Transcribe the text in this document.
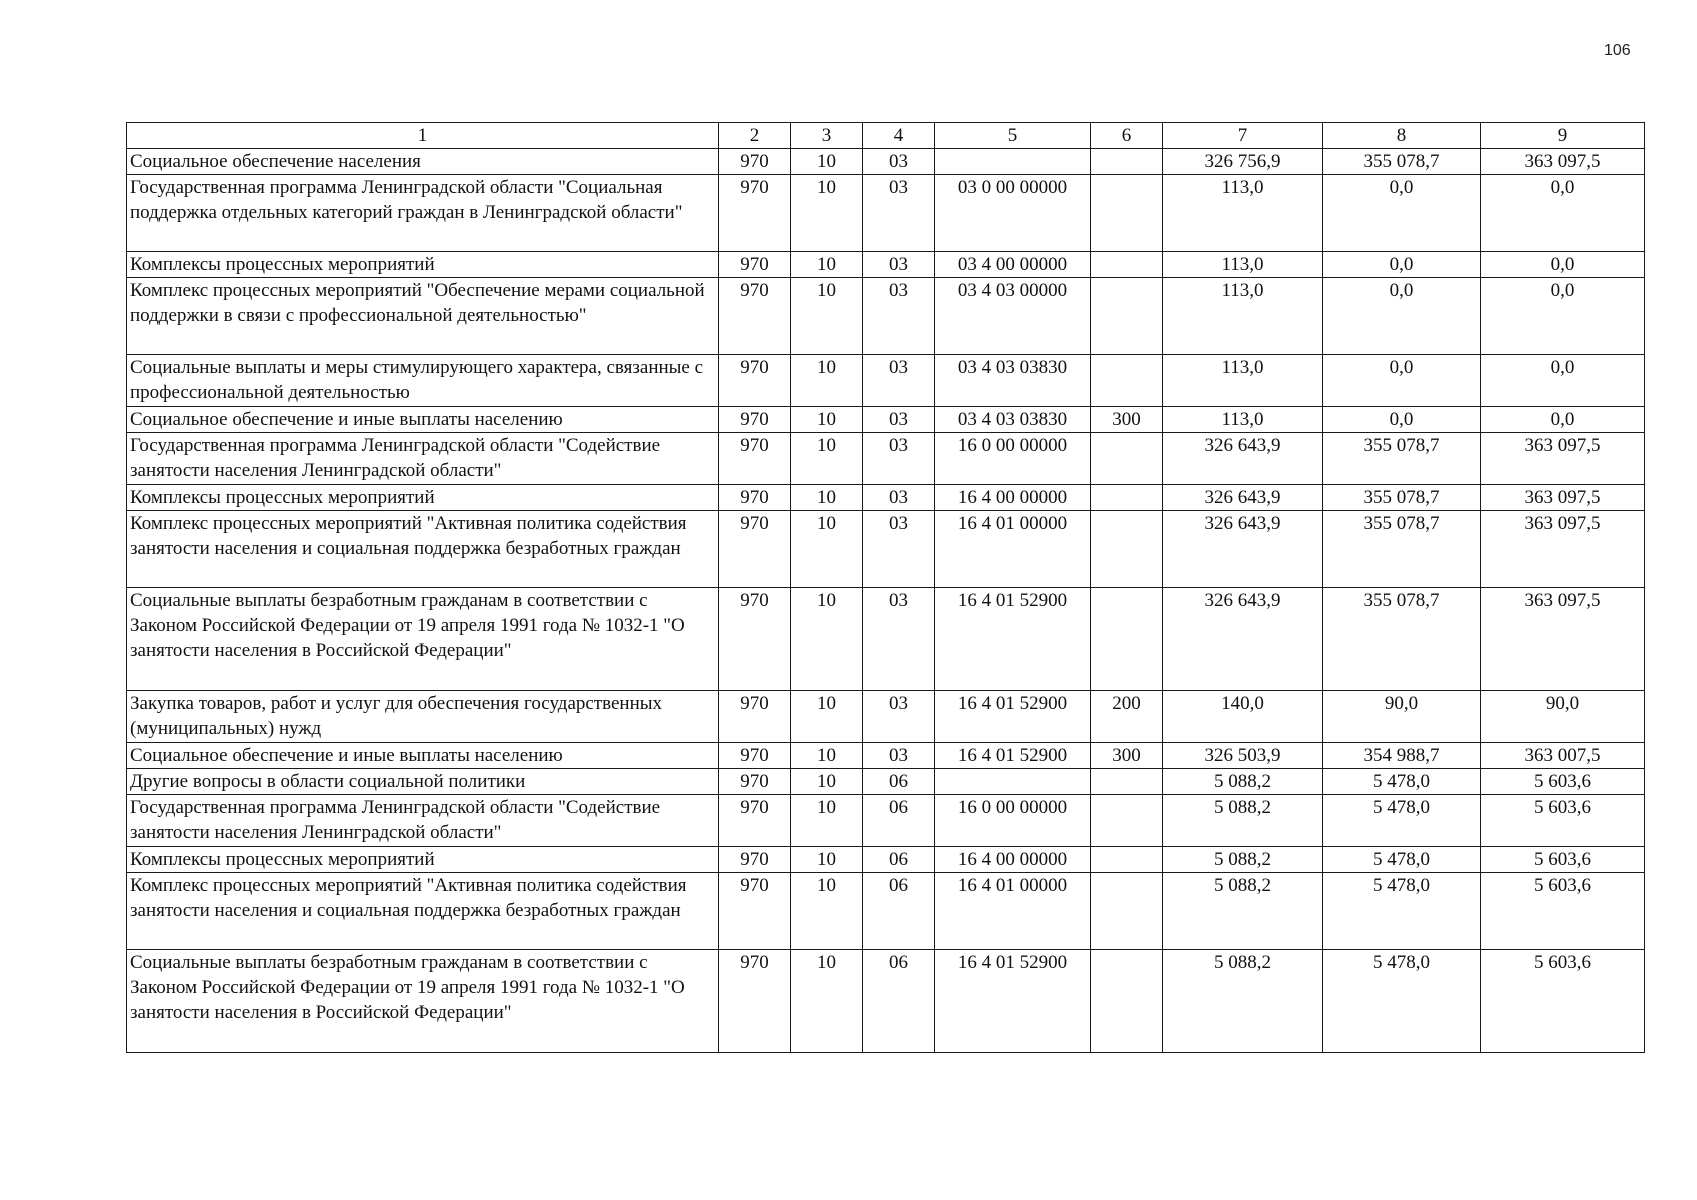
106
1	2	3	4	5	6	7	8	9
Социальное обеспечение населения	970	10	03			326 756,9	355 078,7	363 097,5
Государственная программа Ленинградской области "Социальная поддержка отдельных категорий граждан в Ленинградской области"	970	10	03	03 0 00 00000		113,0	0,0	0,0
Комплексы процессных мероприятий	970	10	03	03 4 00 00000		113,0	0,0	0,0
Комплекс процессных мероприятий "Обеспечение мерами социальной поддержки в связи с профессиональной деятельностью"	970	10	03	03 4 03 00000		113,0	0,0	0,0
Социальные выплаты и меры стимулирующего характера, связанные с профессиональной деятельностью	970	10	03	03 4 03 03830		113,0	0,0	0,0
Социальное обеспечение и иные выплаты населению	970	10	03	03 4 03 03830	300	113,0	0,0	0,0
Государственная программа Ленинградской области "Содействие занятости населения Ленинградской области"	970	10	03	16 0 00 00000		326 643,9	355 078,7	363 097,5
Комплексы процессных мероприятий	970	10	03	16 4 00 00000		326 643,9	355 078,7	363 097,5
Комплекс процессных мероприятий "Активная политика содействия занятости населения и социальная поддержка безработных граждан	970	10	03	16 4 01 00000		326 643,9	355 078,7	363 097,5
Социальные выплаты безработным гражданам в соответствии с Законом Российской Федерации от 19 апреля 1991 года № 1032-1 "О занятости населения в Российской Федерации"	970	10	03	16 4 01 52900		326 643,9	355 078,7	363 097,5
Закупка товаров, работ и услуг для обеспечения государственных (муниципальных) нужд	970	10	03	16 4 01 52900	200	140,0	90,0	90,0
Социальное обеспечение и иные выплаты населению	970	10	03	16 4 01 52900	300	326 503,9	354 988,7	363 007,5
Другие вопросы в области социальной политики	970	10	06			5 088,2	5 478,0	5 603,6
Государственная программа Ленинградской области "Содействие занятости населения Ленинградской области"	970	10	06	16 0 00 00000		5 088,2	5 478,0	5 603,6
Комплексы процессных мероприятий	970	10	06	16 4 00 00000		5 088,2	5 478,0	5 603,6
Комплекс процессных мероприятий "Активная политика содействия занятости населения и социальная поддержка безработных граждан	970	10	06	16 4 01 00000		5 088,2	5 478,0	5 603,6
Социальные выплаты безработным гражданам в соответствии с Законом Российской Федерации от 19 апреля 1991 года № 1032-1 "О занятости населения в Российской Федерации"	970	10	06	16 4 01 52900		5 088,2	5 478,0	5 603,6
